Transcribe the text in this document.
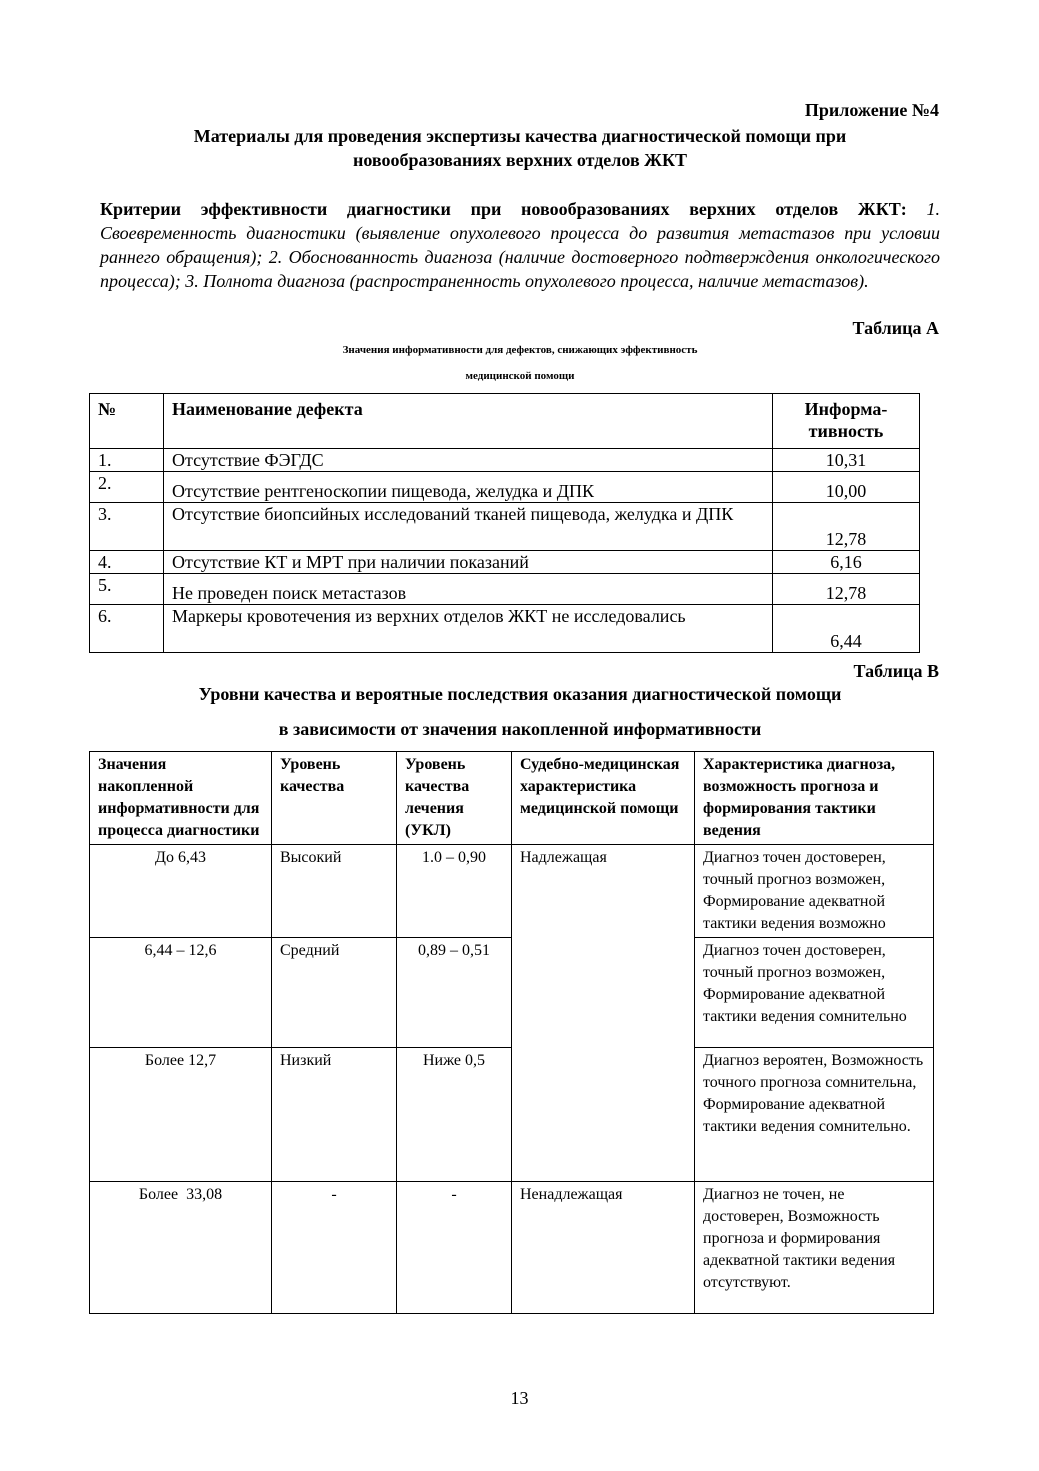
Приложение №4
Материалы для проведения экспертизы качества диагностической помощи при
новообразованиях верхних отделов ЖКТ
Критерии эффективности диагностики при новообразованиях верхних отделов ЖКТ: 1. Своевременность диагностики (выявление опухолевого процесса до развития метастазов при условии раннего обращения); 2. Обоснованность диагноза (наличие достоверного подтверждения онкологического процесса); 3. Полнота диагноза (распространенность опухолевого процесса, наличие метастазов).
Таблица А
Значения информативности для дефектов, снижающих эффективность
медицинской помощи
№	Наименование дефекта	Информа-тивность
1.	Отсутствие ФЭГДС	10,31
2.	Отсутствие рентгеноскопии пищевода, желудка и ДПК	10,00
3.	Отсутствие биопсийных исследований тканей пищевода, желудка и ДПК	12,78
4.	Отсутствие КТ и МРТ при наличии показаний	6,16
5.	Не проведен поиск метастазов	12,78
6.	Маркеры кровотечения из верхних отделов ЖКТ не исследовались	6,44
Таблица В
Уровни качества и вероятные последствия оказания диагностической помощи
в зависимости от значения накопленной информативности
Значения накопленной информативности для процесса диагностики	Уровень качества	Уровень качества лечения (УКЛ)	Судебно-медицинская характеристика медицинской помощи	Характеристика диагноза, возможность прогноза и формирования тактики ведения
До 6,43	Высокий	1.0 – 0,90	Надлежащая	Диагноз точен достоверен, точный прогноз возможен, Формирование адекватной тактики ведения возможно
6,44 – 12,6	Средний	0,89 – 0,51		Диагноз точен достоверен, точный прогноз возможен, Формирование адекватной тактики ведения сомнительно
Более 12,7	Низкий	Ниже 0,5		Диагноз вероятен, Возможность точного прогноза сомнительна, Формирование адекватной тактики ведения сомнительно.
Более  33,08	-	-	Ненадлежащая	Диагноз не точен, не достоверен, Возможность прогноза и формирования адекватной тактики ведения отсутствуют.
13
